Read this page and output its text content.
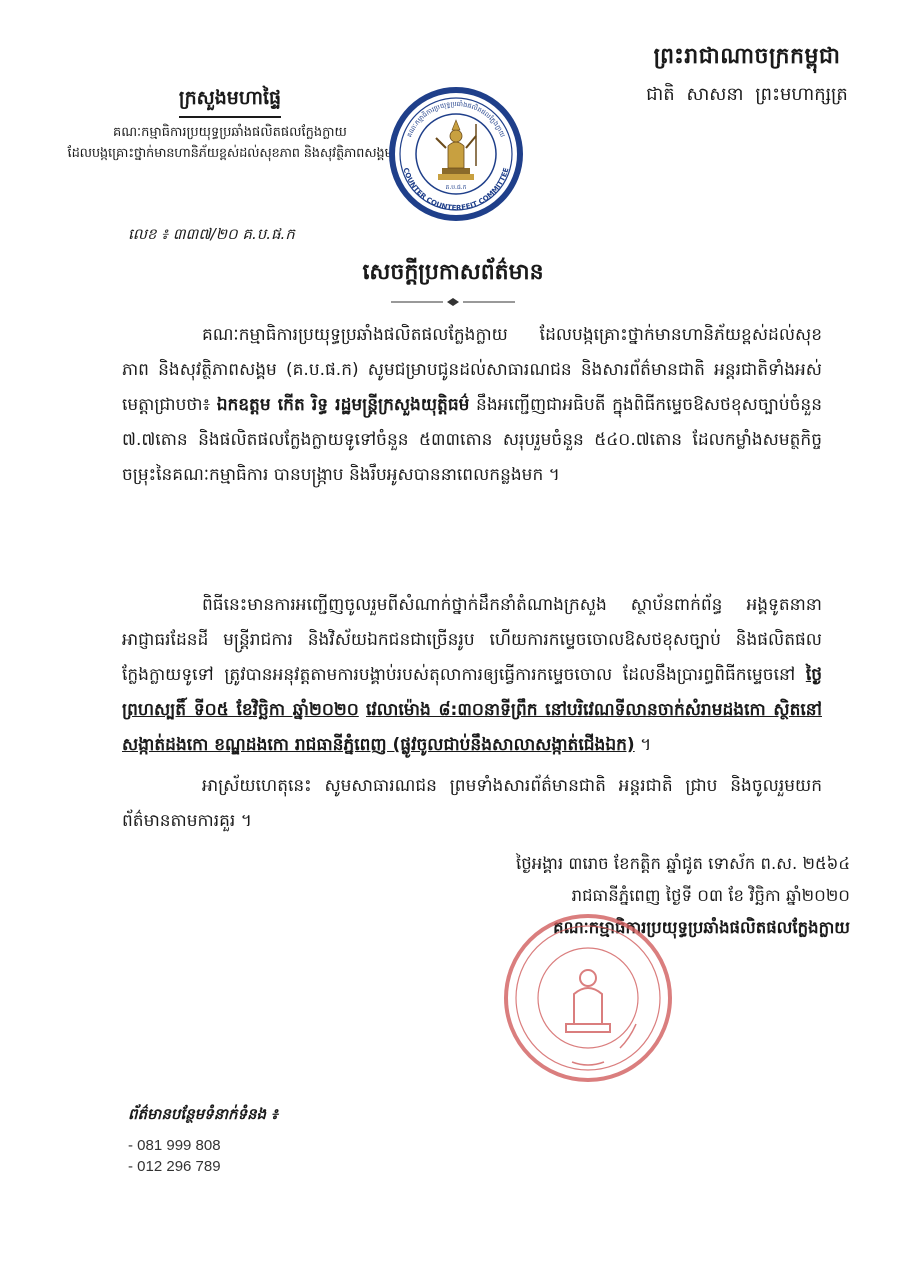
ក្រសួងមហាផ្ទៃ
គណៈកម្មាធិការប្រយុទ្ធប្រឆាំងផលិតផលក្លែងក្លាយ
ដែលបង្កគ្រោះថ្នាក់មានហានិភ័យខ្ពស់ដល់សុខភាព និងសុវត្ថិភាពសង្គម
លេខ ៖ ៣៣៧/២០ គ.ប.ផ.ក
ព្រះរាជាណាចក្រកម្ពុជា
ជាតិ សាសនា ព្រះមហាក្សត្រ
គណៈកម្មាធិការប្រយុទ្ធប្រឆាំងផលិតផលក្លែងក្លាយ
COUNTER COUNTERFEIT COMMITTEE
គ.ប.ផ.ក
សេចក្ដីប្រកាសព័ត៌មាន
គណៈកម្មាធិការប្រយុទ្ធប្រឆាំងផលិតផលក្លែងក្លាយ ដែលបង្កគ្រោះថ្នាក់មានហានិភ័យខ្ពស់ដល់សុខភាព និងសុវត្ថិភាពសង្គម (គ.ប.ផ.ក) សូមជម្រាបជូនដល់សាធារណជន និងសារព័ត៌មានជាតិ អន្តរជាតិទាំងអស់មេត្តាជ្រាបថា៖ ឯកឧត្តម កើត រិទ្ធ រដ្ឋមន្ត្រីក្រសួងយុត្តិធម៌ នឹងអញ្ជើញជាអធិបតី ក្នុងពិធីកម្ទេចឱសថខុសច្បាប់ចំនួន ៧.៧តោន និងផលិតផលក្លែងក្លាយទូទៅចំនួន ៥៣៣តោន សរុបរួមចំនួន ៥៤០.៧តោន ដែលកម្លាំងសមត្ថកិច្ចចម្រុះនៃគណៈកម្មាធិការ បានបង្ក្រាប និងរឹបអូសបាននាពេលកន្លងមក ។
ពិធីនេះមានការអញ្ជើញចូលរួមពីសំណាក់ថ្នាក់ដឹកនាំតំណាងក្រសួង ស្ថាប័នពាក់ព័ន្ធ អង្គទូតនានា អាជ្ញាធរដែនដី មន្ត្រីរាជការ និងវិស័យឯកជនជាច្រើនរូប ហើយការកម្ទេចចោលឱសថខុសច្បាប់ និងផលិតផលក្លែងក្លាយទូទៅ ត្រូវបានអនុវត្តតាមការបង្គាប់របស់តុលាការឲ្យធ្វើការកម្ទេចចោល ដែលនឹងប្រារព្ធពិធីកម្ទេចនៅ ថ្ងៃព្រហស្បតិ៍ ទី០៥ ខែវិច្ឆិកា ឆ្នាំ២០២០ វេលាម៉ោង ៨:៣០នាទីព្រឹក នៅបរិវេណទីលានចាក់សំរាមដងកោ ស្ថិតនៅសង្កាត់ដងកោ ខណ្ឌដងកោ រាជធានីភ្នំពេញ (ផ្លូវចូលជាប់នឹងសាលាសង្កាត់ជើងឯក) ។
អាស្រ័យហេតុនេះ សូមសាធារណជន ព្រមទាំងសារព័ត៌មានជាតិ អន្តរជាតិ ជ្រាប និងចូលរួមយកព័ត៌មានតាមការគួរ ។
ថ្ងៃអង្គារ ៣រោច ខែកត្តិក ឆ្នាំជូត ទោស័ក ព.ស. ២៥៦៤
រាជធានីភ្នំពេញ ថ្ងៃទី ០៣ ខែ វិច្ឆិកា ឆ្នាំ២០២០
គណៈកម្មាធិការប្រយុទ្ធប្រឆាំងផលិតផលក្លែងក្លាយ
ព័ត៌មានបន្ថែមទំនាក់ទំនង ៖
- 081 999 808
- 012 296 789
